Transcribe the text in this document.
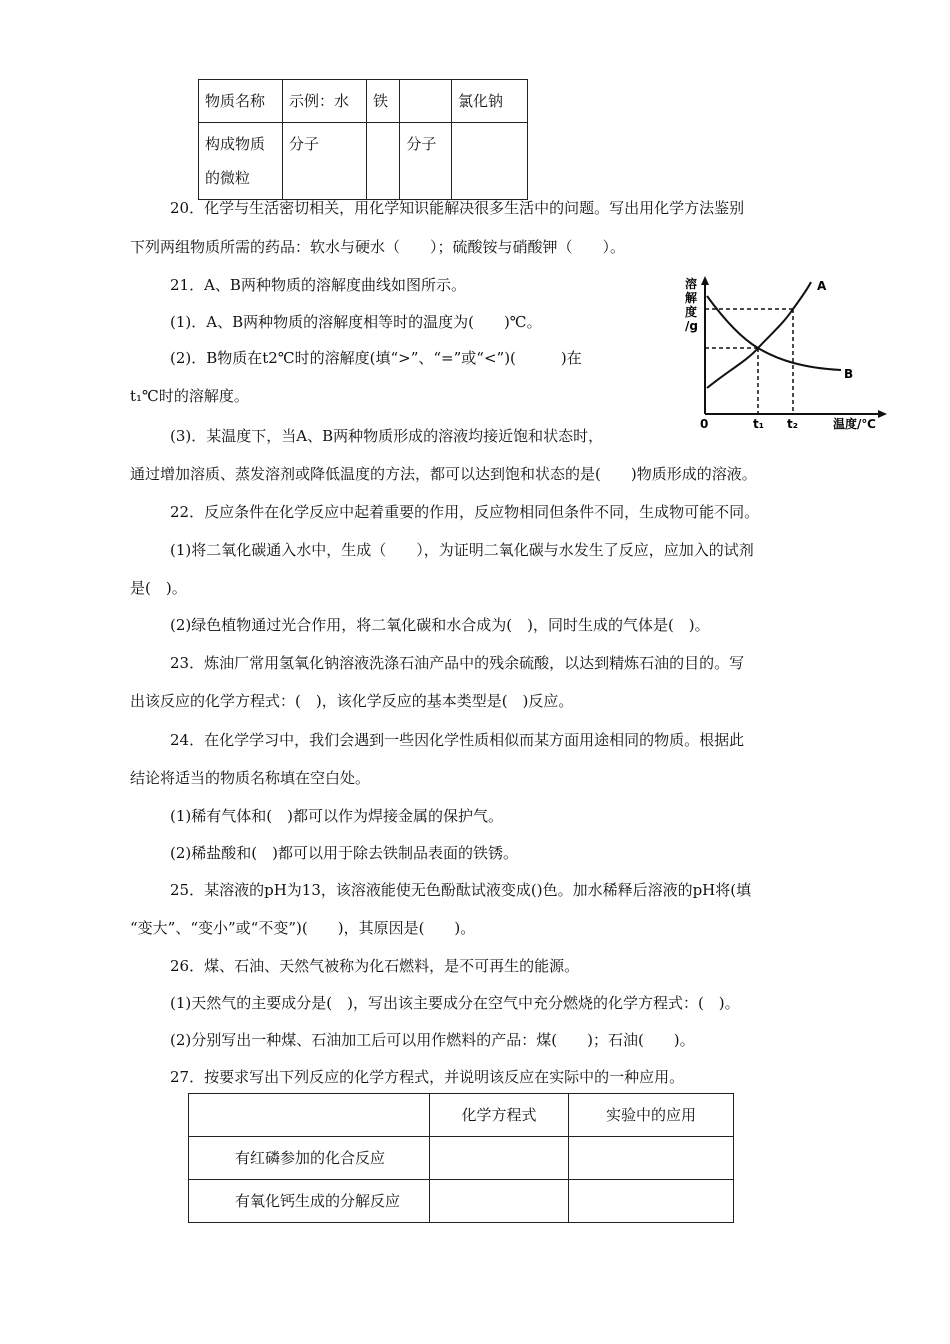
物质名称	示例：水	铁		氯化钠

构成物质
的微粒	分子		分子	
20．化学与生活密切相关，用化学知识能解决很多生活中的问题。写出用化学方法鉴别
下列两组物质所需的药品：软水与硬水（　　）；硫酸铵与硝酸钾（　　）。
21．A、B两种物质的溶解度曲线如图所示。
(1)．A、B两种物质的溶解度相等时的温度为(　　)℃。
(2)．B物质在t2℃时的溶解度(填“>”、“=”或“<”)(　　　)在
t₁℃时的溶解度。
(3)．某温度下，当A、B两种物质形成的溶液均接近饱和状态时，
通过增加溶质、蒸发溶剂或降低温度的方法，都可以达到饱和状态的是(　　)物质形成的溶液。
22．反应条件在化学反应中起着重要的作用，反应物相同但条件不同，生成物可能不同。
(1)将二氧化碳通入水中，生成（　　），为证明二氧化碳与水发生了反应，应加入的试剂
是(　)。
(2)绿色植物通过光合作用，将二氧化碳和水合成为(　)，同时生成的气体是(　)。
23．炼油厂常用氢氧化钠溶液洗涤石油产品中的残余硫酸，以达到精炼石油的目的。写
出该反应的化学方程式：(　)，该化学反应的基本类型是(　)反应。
24．在化学学习中，我们会遇到一些因化学性质相似而某方面用途相同的物质。根据此
结论将适当的物质名称填在空白处。
(1)稀有气体和(　)都可以作为焊接金属的保护气。
(2)稀盐酸和(　)都可以用于除去铁制品表面的铁锈。
25．某溶液的pH为13，该溶液能使无色酚酞试液变成()色。加水稀释后溶液的pH将(填
“变大”、“变小”或“不变”)(　　)，其原因是(　　)。
26．煤、石油、天然气被称为化石燃料，是不可再生的能源。
(1)天然气的主要成分是(　)，写出该主要成分在空气中充分燃烧的化学方程式：(　)。
(2)分别写出一种煤、石油加工后可以用作燃料的产品：煤(　　)；石油(　　)。
27．按要求写出下列反应的化学方程式，并说明该反应在实际中的一种应用。
溶
解
度
/g
0	t₁ t₂	温度/℃
A
B
	化学方程式	实验中的应用
有红磷参加的化合反应		
有氧化钙生成的分解反应		
